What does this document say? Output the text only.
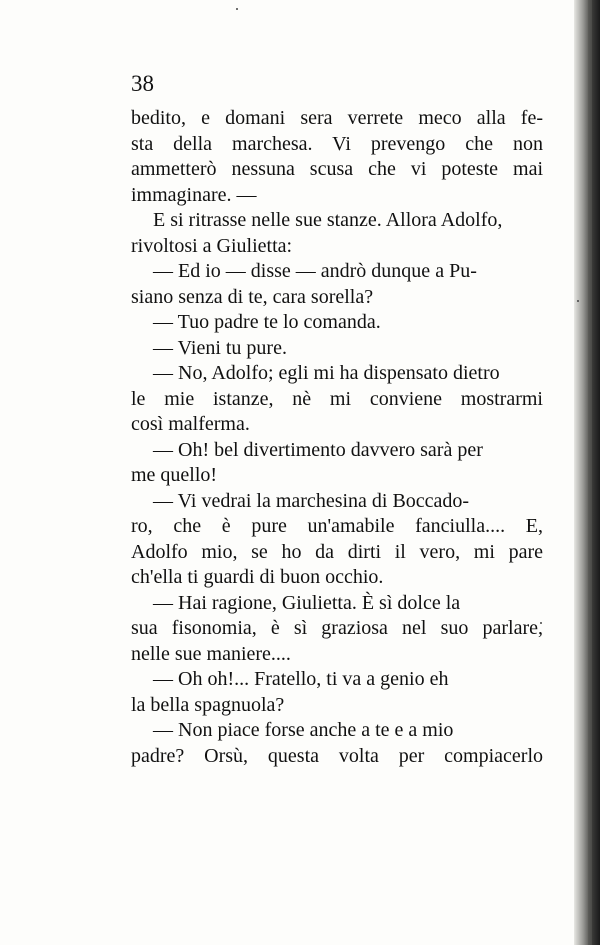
38

bedito, e domani sera verrete meco alla fe-
sta della marchesa. Vi prevengo che non
ammetterò nessuna scusa che vi poteste mai
immaginare. —
E si ritrasse nelle sue stanze. Allora Adolfo,
rivoltosi a Giulietta:
— Ed io — disse — andrò dunque a Pu-
siano senza di te, cara sorella?
— Tuo padre te lo comanda.
— Vieni tu pure.
— No, Adolfo; egli mi ha dispensato dietro
le mie istanze, nè mi conviene mostrarmi
così malferma.
— Oh! bel divertimento davvero sarà per
me quello!
— Vi vedrai la marchesina di Boccado-
ro, che è pure un'amabile fanciulla.... E,
Adolfo mio, se ho da dirti il vero, mi pare
ch'ella ti guardi di buon occhio.
— Hai ragione, Giulietta. È sì dolce la
sua fisonomia, è sì graziosa nel suo parlare,
nelle sue maniere....
— Oh oh!... Fratello, ti va a genio eh
la bella spagnuola?
— Non piace forse anche a te e a mio
padre? Orsù, questa volta per compiacerlo
